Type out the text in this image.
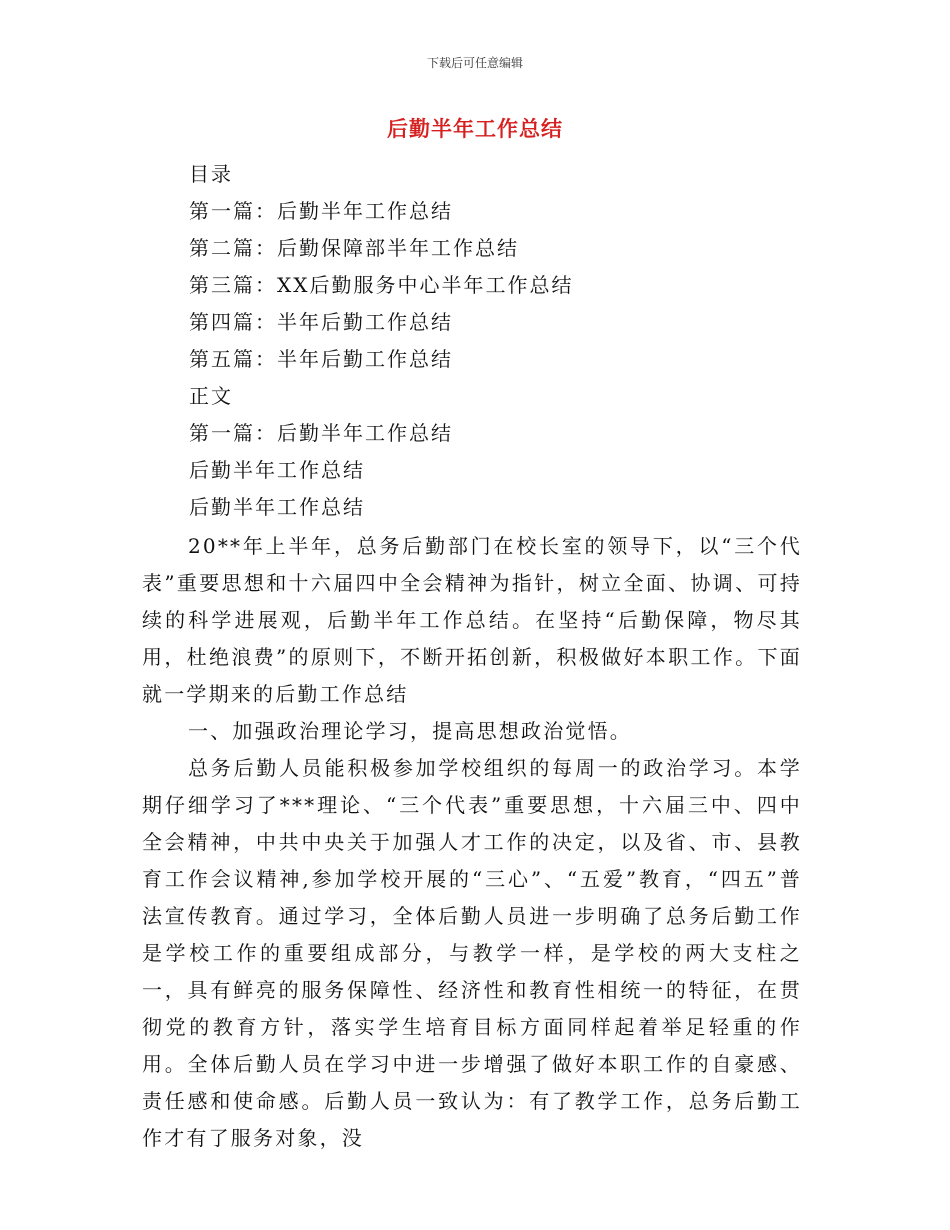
下载后可任意编辑
后勤半年工作总结
目录
第一篇：后勤半年工作总结
第二篇：后勤保障部半年工作总结
第三篇：XX后勤服务中心半年工作总结
第四篇：半年后勤工作总结
第五篇：半年后勤工作总结
正文
第一篇：后勤半年工作总结
后勤半年工作总结
后勤半年工作总结

20**年上半年，总务后勤部门在校长室的领导下，以“三个代表”重要思想和十六届四中全会精神为指针，树立全面、协调、可持续的科学进展观，后勤半年工作总结。在坚持“后勤保障，物尽其用，杜绝浪费”的原则下，不断开拓创新，积极做好本职工作。下面就一学期来的后勤工作总结

一、加强政治理论学习，提高思想政治觉悟。

总务后勤人员能积极参加学校组织的每周一的政治学习。本学期仔细学习了***理论、“三个代表”重要思想，十六届三中、四中全会精神，中共中央关于加强人才工作的决定，以及省、市、县教育工作会议精神,参加学校开展的“三心”、“五爱”教育，“四五”普法宣传教育。通过学习，全体后勤人员进一步明确了总务后勤工作是学校工作的重要组成部分，与教学一样，是学校的两大支柱之一，具有鲜亮的服务保障性、经济性和教育性相统一的特征，在贯彻党的教育方针，落实学生培育目标方面同样起着举足轻重的作用。全体后勤人员在学习中进一步增强了做好本职工作的自豪感、责任感和使命感。后勤人员一致认为：有了教学工作，总务后勤工作才有了服务对象，没
